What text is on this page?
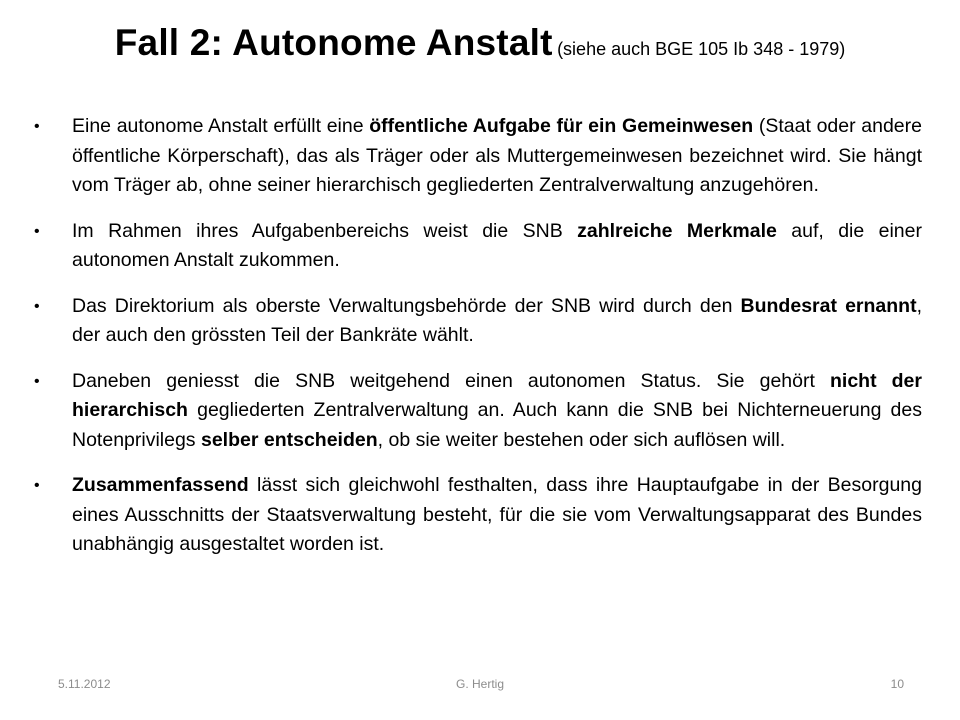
Fall 2: Autonome Anstalt (siehe auch BGE 105 Ib 348 - 1979)
• Eine autonome Anstalt erfüllt eine öffentliche Aufgabe für ein Gemeinwesen (Staat oder andere öffentliche Körperschaft), das als Träger oder als Muttergemeinwesen bezeichnet wird. Sie hängt vom Träger ab, ohne seiner hierarchisch gegliederten Zentralverwaltung anzugehören.
• Im Rahmen ihres Aufgabenbereichs weist die SNB zahlreiche Merkmale auf, die einer autonomen Anstalt zukommen.
• Das Direktorium als oberste Verwaltungsbehörde der SNB wird durch den Bundesrat ernannt, der auch den grössten Teil der Bankräte wählt.
• Daneben geniesst die SNB weitgehend einen autonomen Status. Sie gehört nicht der hierarchisch gegliederten Zentralverwaltung an. Auch kann die SNB bei Nichterneuerung des Notenprivilegs selber entscheiden, ob sie weiter bestehen oder sich auflösen will.
• Zusammenfassend lässt sich gleichwohl festhalten, dass ihre Hauptaufgabe in der Besorgung eines Ausschnitts der Staatsverwaltung besteht, für die sie vom Verwaltungsapparat des Bundes unabhängig ausgestaltet worden ist.
G. Hertig
5.11.2012	10
